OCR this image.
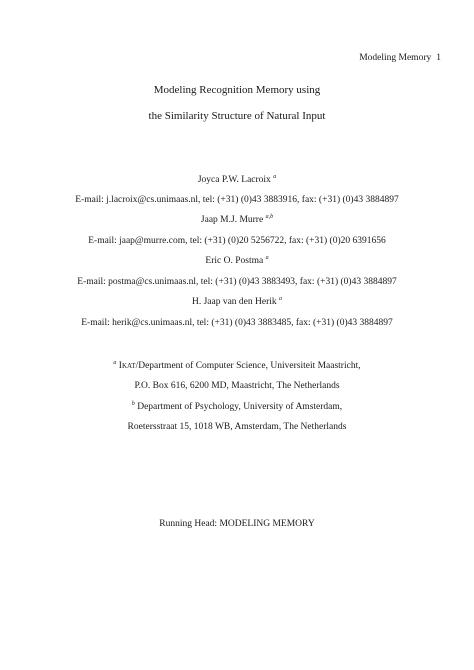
Modeling Memory 1
Modeling Recognition Memory using
the Similarity Structure of Natural Input
Joyca P.W. Lacroix $^a$
E-mail: j.lacroix@cs.unimaas.nl, tel: (+31) (0)43 3883916, fax: (+31) (0)43 3884897
Jaap M.J. Murre $^{a,b}$
E-mail: jaap@murre.com, tel: (+31) (0)20 5256722, fax: (+31) (0)20 6391656
Eric O. Postma $^a$
E-mail: postma@cs.unimaas.nl, tel: (+31) (0)43 3883493, fax: (+31) (0)43 3884897
H. Jaap van den Herik $^a$
E-mail: herik@cs.unimaas.nl, tel: (+31) (0)43 3883485, fax: (+31) (0)43 3884897
$^a$ Ikat/Department of Computer Science, Universiteit Maastricht,
P.O. Box 616, 6200 MD, Maastricht, The Netherlands
$^b$ Department of Psychology, University of Amsterdam,
Roetersstraat 15, 1018 WB, Amsterdam, The Netherlands
Running Head: MODELING MEMORY
